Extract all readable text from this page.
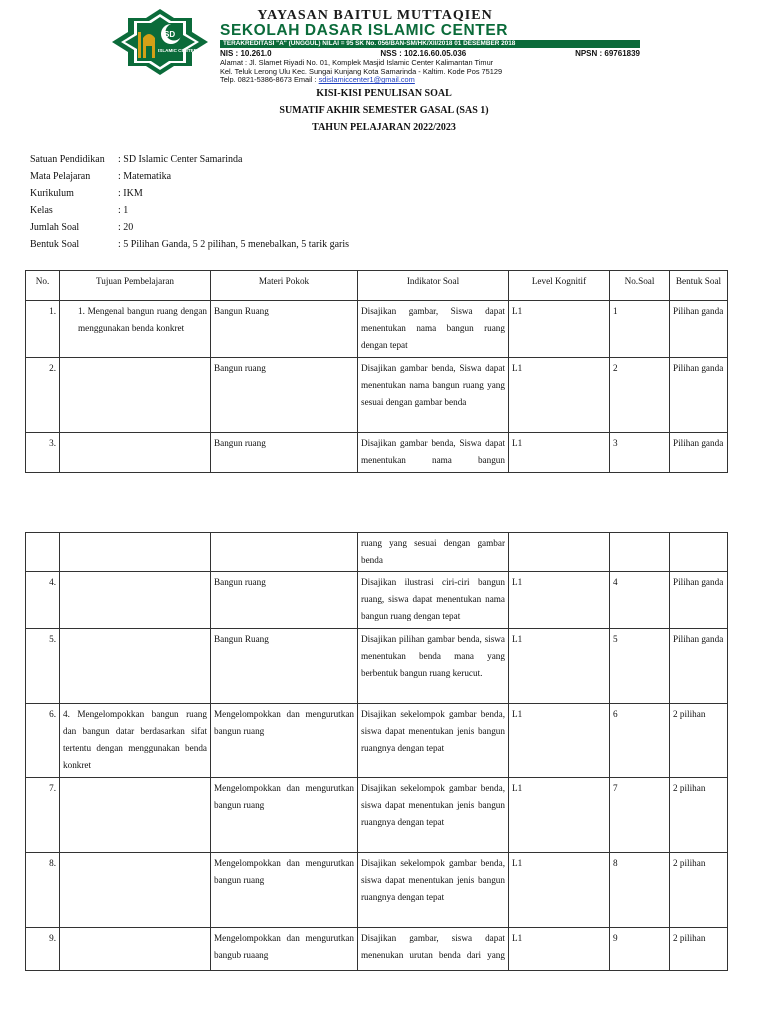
SD
ISLAMIC CENTER
YAYASAN BAITUL MUTTAQIEN
SEKOLAH DASAR ISLAMIC CENTER
TERAKREDITASI "A" (UNGGUL) NILAI = 95 SK No. 056/BAN-SM/HK/XII/2018 01 DESEMBER 2018
NIS : 10.261.0	NSS : 102.16.60.05.036	NPSN : 69761839
Alamat : Jl. Slamet Riyadi No. 01, Komplek Masjid Islamic Center Kalimantan Timur
Kel. Teluk Lerong Ulu Kec. Sungai Kunjang Kota Samarinda - Kaltim. Kode Pos 75129
Telp. 0821-5386-8673 Email : sdislamiccenter1@gmail.com
KISI-KISI PENULISAN SOAL
SUMATIF AKHIR SEMESTER GASAL (SAS 1)
TAHUN PELAJARAN 2022/2023
Satuan Pendidikan : SD Islamic Center Samarinda
Mata Pelajaran	: Matematika
Kurikulum	: IKM
Kelas	: 1
Jumlah Soal	: 20
Bentuk Soal	: 5 Pilihan Ganda, 5 2 pilihan, 5 menebalkan, 5 tarik garis
No.	Tujuan Pembelajaran	Materi Pokok	Indikator Soal	Level Kognitif	No.Soal	Bentuk Soal
1.	1. Mengenal bangun ruang dengan menggunakan benda konkret	Bangun Ruang	Disajikan gambar, Siswa dapat menentukan nama bangun ruang dengan tepat	L1	1	Pilihan ganda
2.		Bangun ruang	Disajikan gambar benda, Siswa dapat menentukan nama bangun ruang yang sesuai dengan gambar benda	L1	2	Pilihan ganda
3.		Bangun ruang	Disajikan gambar benda, Siswa dapat menentukan nama bangun	L1	3	Pilihan ganda
			ruang yang sesuai dengan gambar benda			
4.		Bangun ruang	Disajikan ilustrasi ciri-ciri bangun ruang, siswa dapat menentukan nama bangun ruang dengan tepat	L1	4	Pilihan ganda
5.		Bangun Ruang	Disajikan pilihan gambar benda, siswa menentukan benda mana yang berbentuk bangun ruang kerucut.	L1	5	Pilihan ganda
6.	4. Mengelompokkan bangun ruang dan bangun datar berdasarkan sifat tertentu dengan menggunakan benda konkret	Mengelompokkan dan mengurutkan bangun ruang	Disajikan sekelompok gambar benda, siswa dapat menentukan jenis bangun ruangnya dengan tepat	L1	6	2 pilihan
7.		Mengelompokkan dan mengurutkan bangun ruang	Disajikan sekelompok gambar benda, siswa dapat menentukan jenis bangun ruangnya dengan tepat	L1	7	2 pilihan
8.		Mengelompokkan dan mengurutkan bangun ruang	Disajikan sekelompok gambar benda, siswa dapat menentukan jenis bangun ruangnya dengan tepat	L1	8	2 pilihan
9.		Mengelompokkan dan mengurutkan bangub ruaang	Disajikan gambar, siswa dapat menenukan urutan benda dari yang	L1	9	2 pilihan
